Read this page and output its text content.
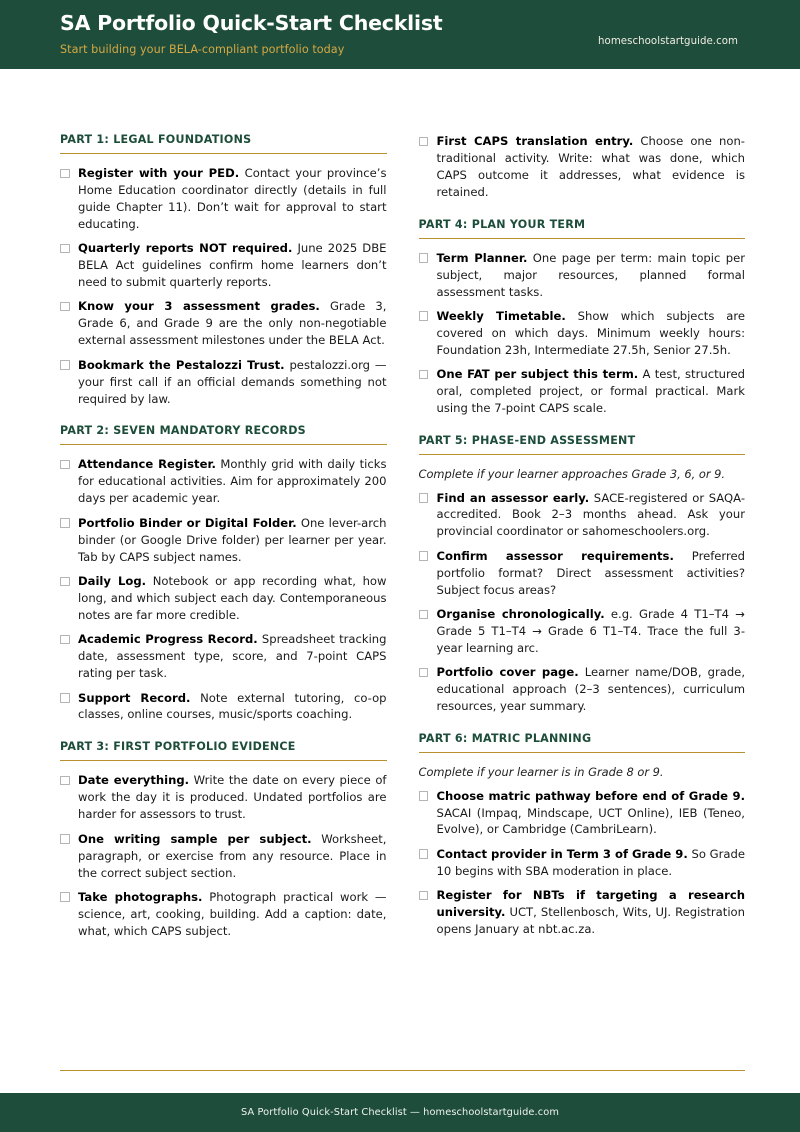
SA Portfolio Quick-Start Checklist
Start building your BELA-compliant portfolio today
homeschoolstartguide.com
PART 1: LEGAL FOUNDATIONS
Register with your PED. Contact your province’s Home Education coordinator directly (details in full guide Chapter 11). Don’t wait for approval to start educating.
Quarterly reports NOT required. June 2025 DBE BELA Act guidelines confirm home learners don’t need to submit quarterly reports.
Know your 3 assessment grades. Grade 3, Grade 6, and Grade 9 are the only non-negotiable external assessment milestones under the BELA Act.
Bookmark the Pestalozzi Trust. pestalozzi.org — your first call if an official demands something not required by law.
PART 2: SEVEN MANDATORY RECORDS
Attendance Register. Monthly grid with daily ticks for educational activities. Aim for approximately 200 days per academic year.
Portfolio Binder or Digital Folder. One lever-arch binder (or Google Drive folder) per learner per year. Tab by CAPS subject names.
Daily Log. Notebook or app recording what, how long, and which subject each day. Contemporaneous notes are far more credible.
Academic Progress Record. Spreadsheet tracking date, assessment type, score, and 7-point CAPS rating per task.
Support Record. Note external tutoring, co-op classes, online courses, music/sports coaching.
PART 3: FIRST PORTFOLIO EVIDENCE
Date everything. Write the date on every piece of work the day it is produced. Undated portfolios are harder for assessors to trust.
One writing sample per subject. Worksheet, paragraph, or exercise from any resource. Place in the correct subject section.
Take photographs. Photograph practical work — science, art, cooking, building. Add a caption: date, what, which CAPS subject.
First CAPS translation entry. Choose one non-traditional activity. Write: what was done, which CAPS outcome it addresses, what evidence is retained.
PART 4: PLAN YOUR TERM
Term Planner. One page per term: main topic per subject, major resources, planned formal assessment tasks.
Weekly Timetable. Show which subjects are covered on which days. Minimum weekly hours: Foundation 23h, Intermediate 27.5h, Senior 27.5h.
One FAT per subject this term. A test, structured oral, completed project, or formal practical. Mark using the 7-point CAPS scale.
PART 5: PHASE-END ASSESSMENT

Complete if your learner approaches Grade 3, 6, or 9.

Find an assessor early. SACE-registered or SAQA-accredited. Book 2–3 months ahead. Ask your provincial coordinator or sahomeschoolers.org.
Confirm assessor requirements. Preferred portfolio format? Direct assessment activities? Subject focus areas?
Organise chronologically. e.g. Grade 4 T1–T4 → Grade 5 T1–T4 → Grade 6 T1–T4. Trace the full 3-year learning arc.
Portfolio cover page. Learner name/DOB, grade, educational approach (2–3 sentences), curriculum resources, year summary.
PART 6: MATRIC PLANNING

Complete if your learner is in Grade 8 or 9.

Choose matric pathway before end of Grade 9. SACAI (Impaq, Mindscape, UCT Online), IEB (Teneo, Evolve), or Cambridge (CambriLearn).
Contact provider in Term 3 of Grade 9. So Grade 10 begins with SBA moderation in place.
Register for NBTs if targeting a research university. UCT, Stellenbosch, Wits, UJ. Registration opens January at nbt.ac.za.
SA Portfolio Quick-Start Checklist — homeschoolstartguide.com
